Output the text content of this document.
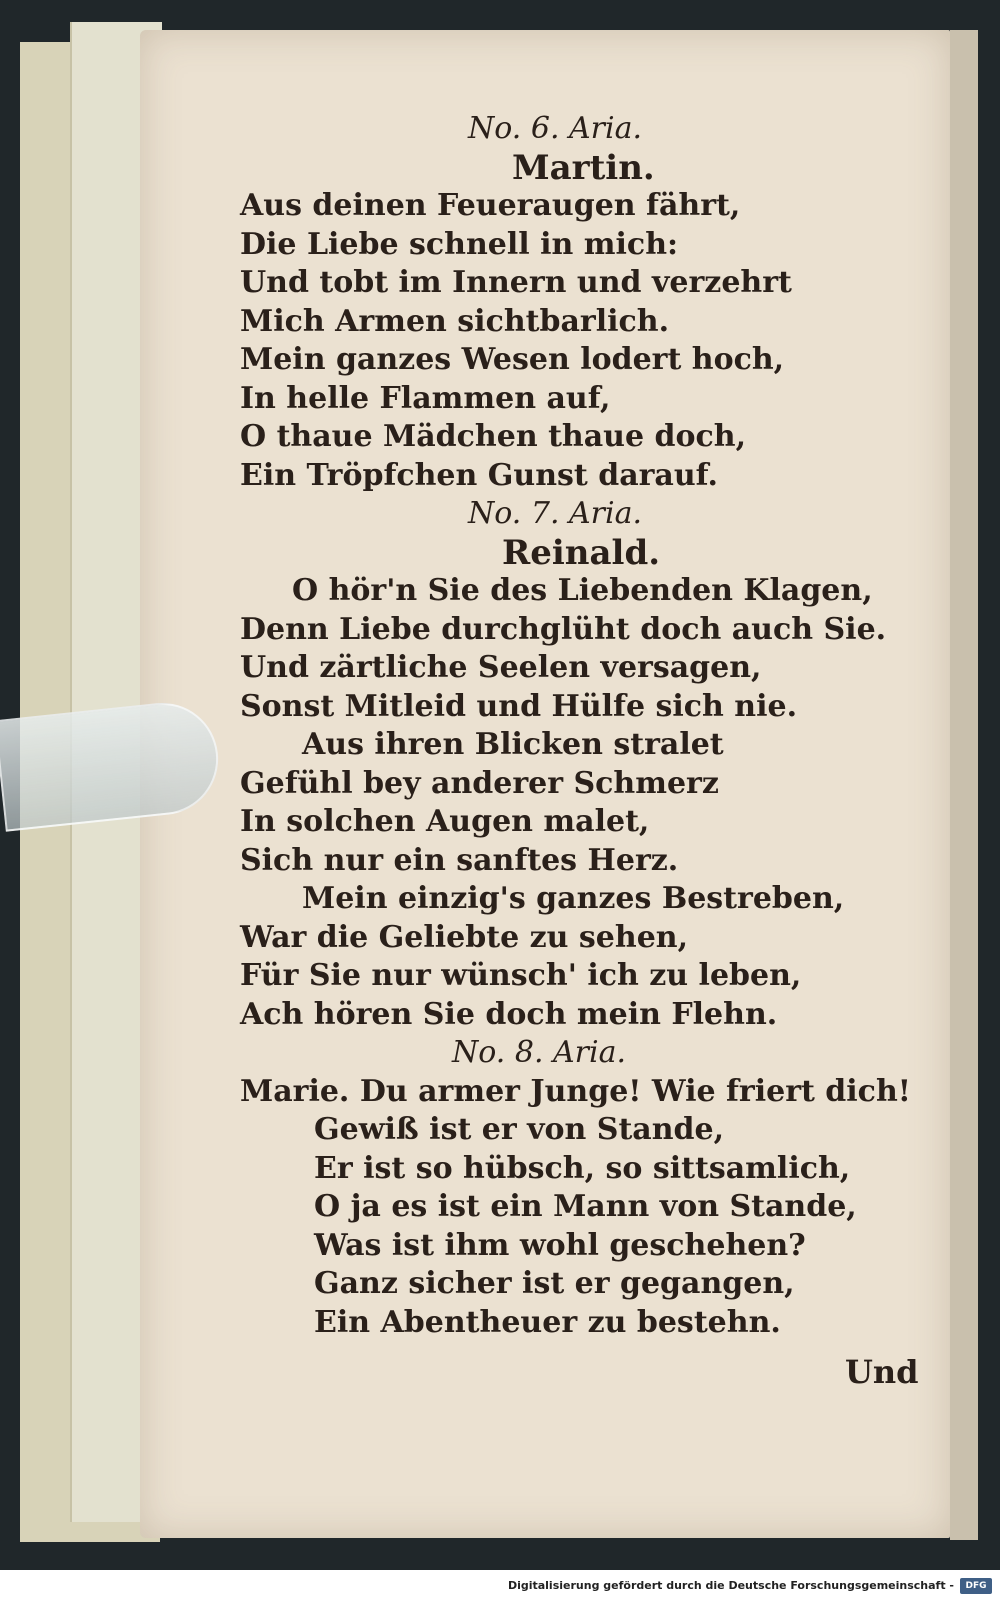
No. 6. Aria.
Martin.
Aus deinen Feueraugen fährt,
Die Liebe schnell in mich:
Und tobt im Innern und verzehrt
Mich Armen sichtbarlich.
Mein ganzes Wesen lodert hoch,
In helle Flammen auf,
O thaue Mädchen thaue doch,
Ein Tröpfchen Gunst darauf.
No. 7. Aria.
Reinald.
O hör'n Sie des Liebenden Klagen,
Denn Liebe durchglüht doch auch Sie.
Und zärtliche Seelen versagen,
Sonst Mitleid und Hülfe sich nie.
Aus ihren Blicken stralet
Gefühl bey anderer Schmerz
In solchen Augen malet,
Sich nur ein sanftes Herz.
Mein einzig's ganzes Bestreben,
War die Geliebte zu sehen,
Für Sie nur wünsch' ich zu leben,
Ach hören Sie doch mein Flehn.
No. 8. Aria.
Marie. Du armer Junge! Wie friert dich!
Gewiß ist er von Stande,
Er ist so hübsch, so sittsamlich,
O ja es ist ein Mann von Stande,
Was ist ihm wohl geschehen?
Ganz sicher ist er gegangen,
Ein Abentheuer zu bestehn.
Und
Digitalisierung gefördert durch die Deutsche Forschungsgemeinschaft -	DFG
